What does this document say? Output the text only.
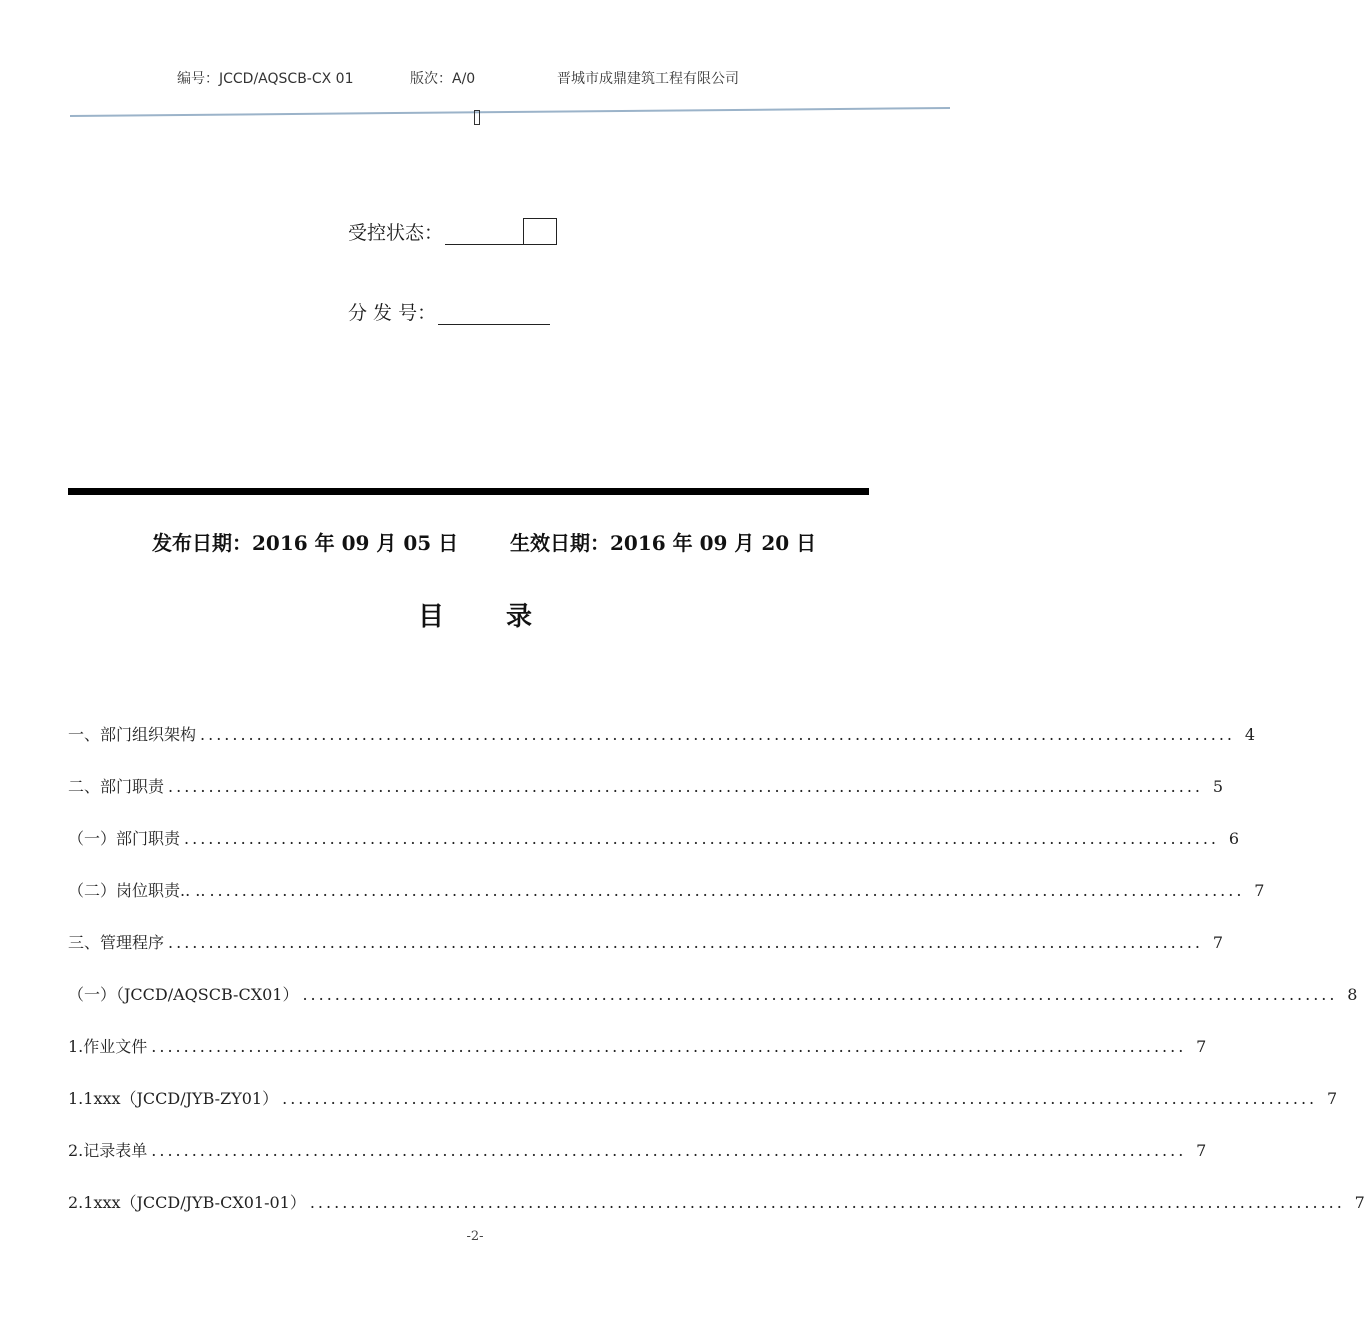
编号：JCCD/AQSCB-CX 01	版次：A/0	晋城市成鼎建筑工程有限公司
受控状态：
分 发 号：
发布日期：2016 年 09 月 05 日	生效日期：2016 年 09 月 20 日
目 录
一、部门组织架构 ................................................................................................................................ 4
二、部门职责 ................................................................................................................................ 5
（一）部门职责 ................................................................................................................................ 6
（二）岗位职责.. .. ................................................................................................................................ 7
三、管理程序 ................................................................................................................................ 7
（一）（JCCD/AQSCB-CX01） ................................................................................................................................ 8
1.作业文件 ................................................................................................................................ 7
1.1xxx（JCCD/JYB-ZY01） ................................................................................................................................ 7
2.记录表单 ................................................................................................................................ 7
2.1xxx（JCCD/JYB-CX01-01） ................................................................................................................................ 7
-2-
